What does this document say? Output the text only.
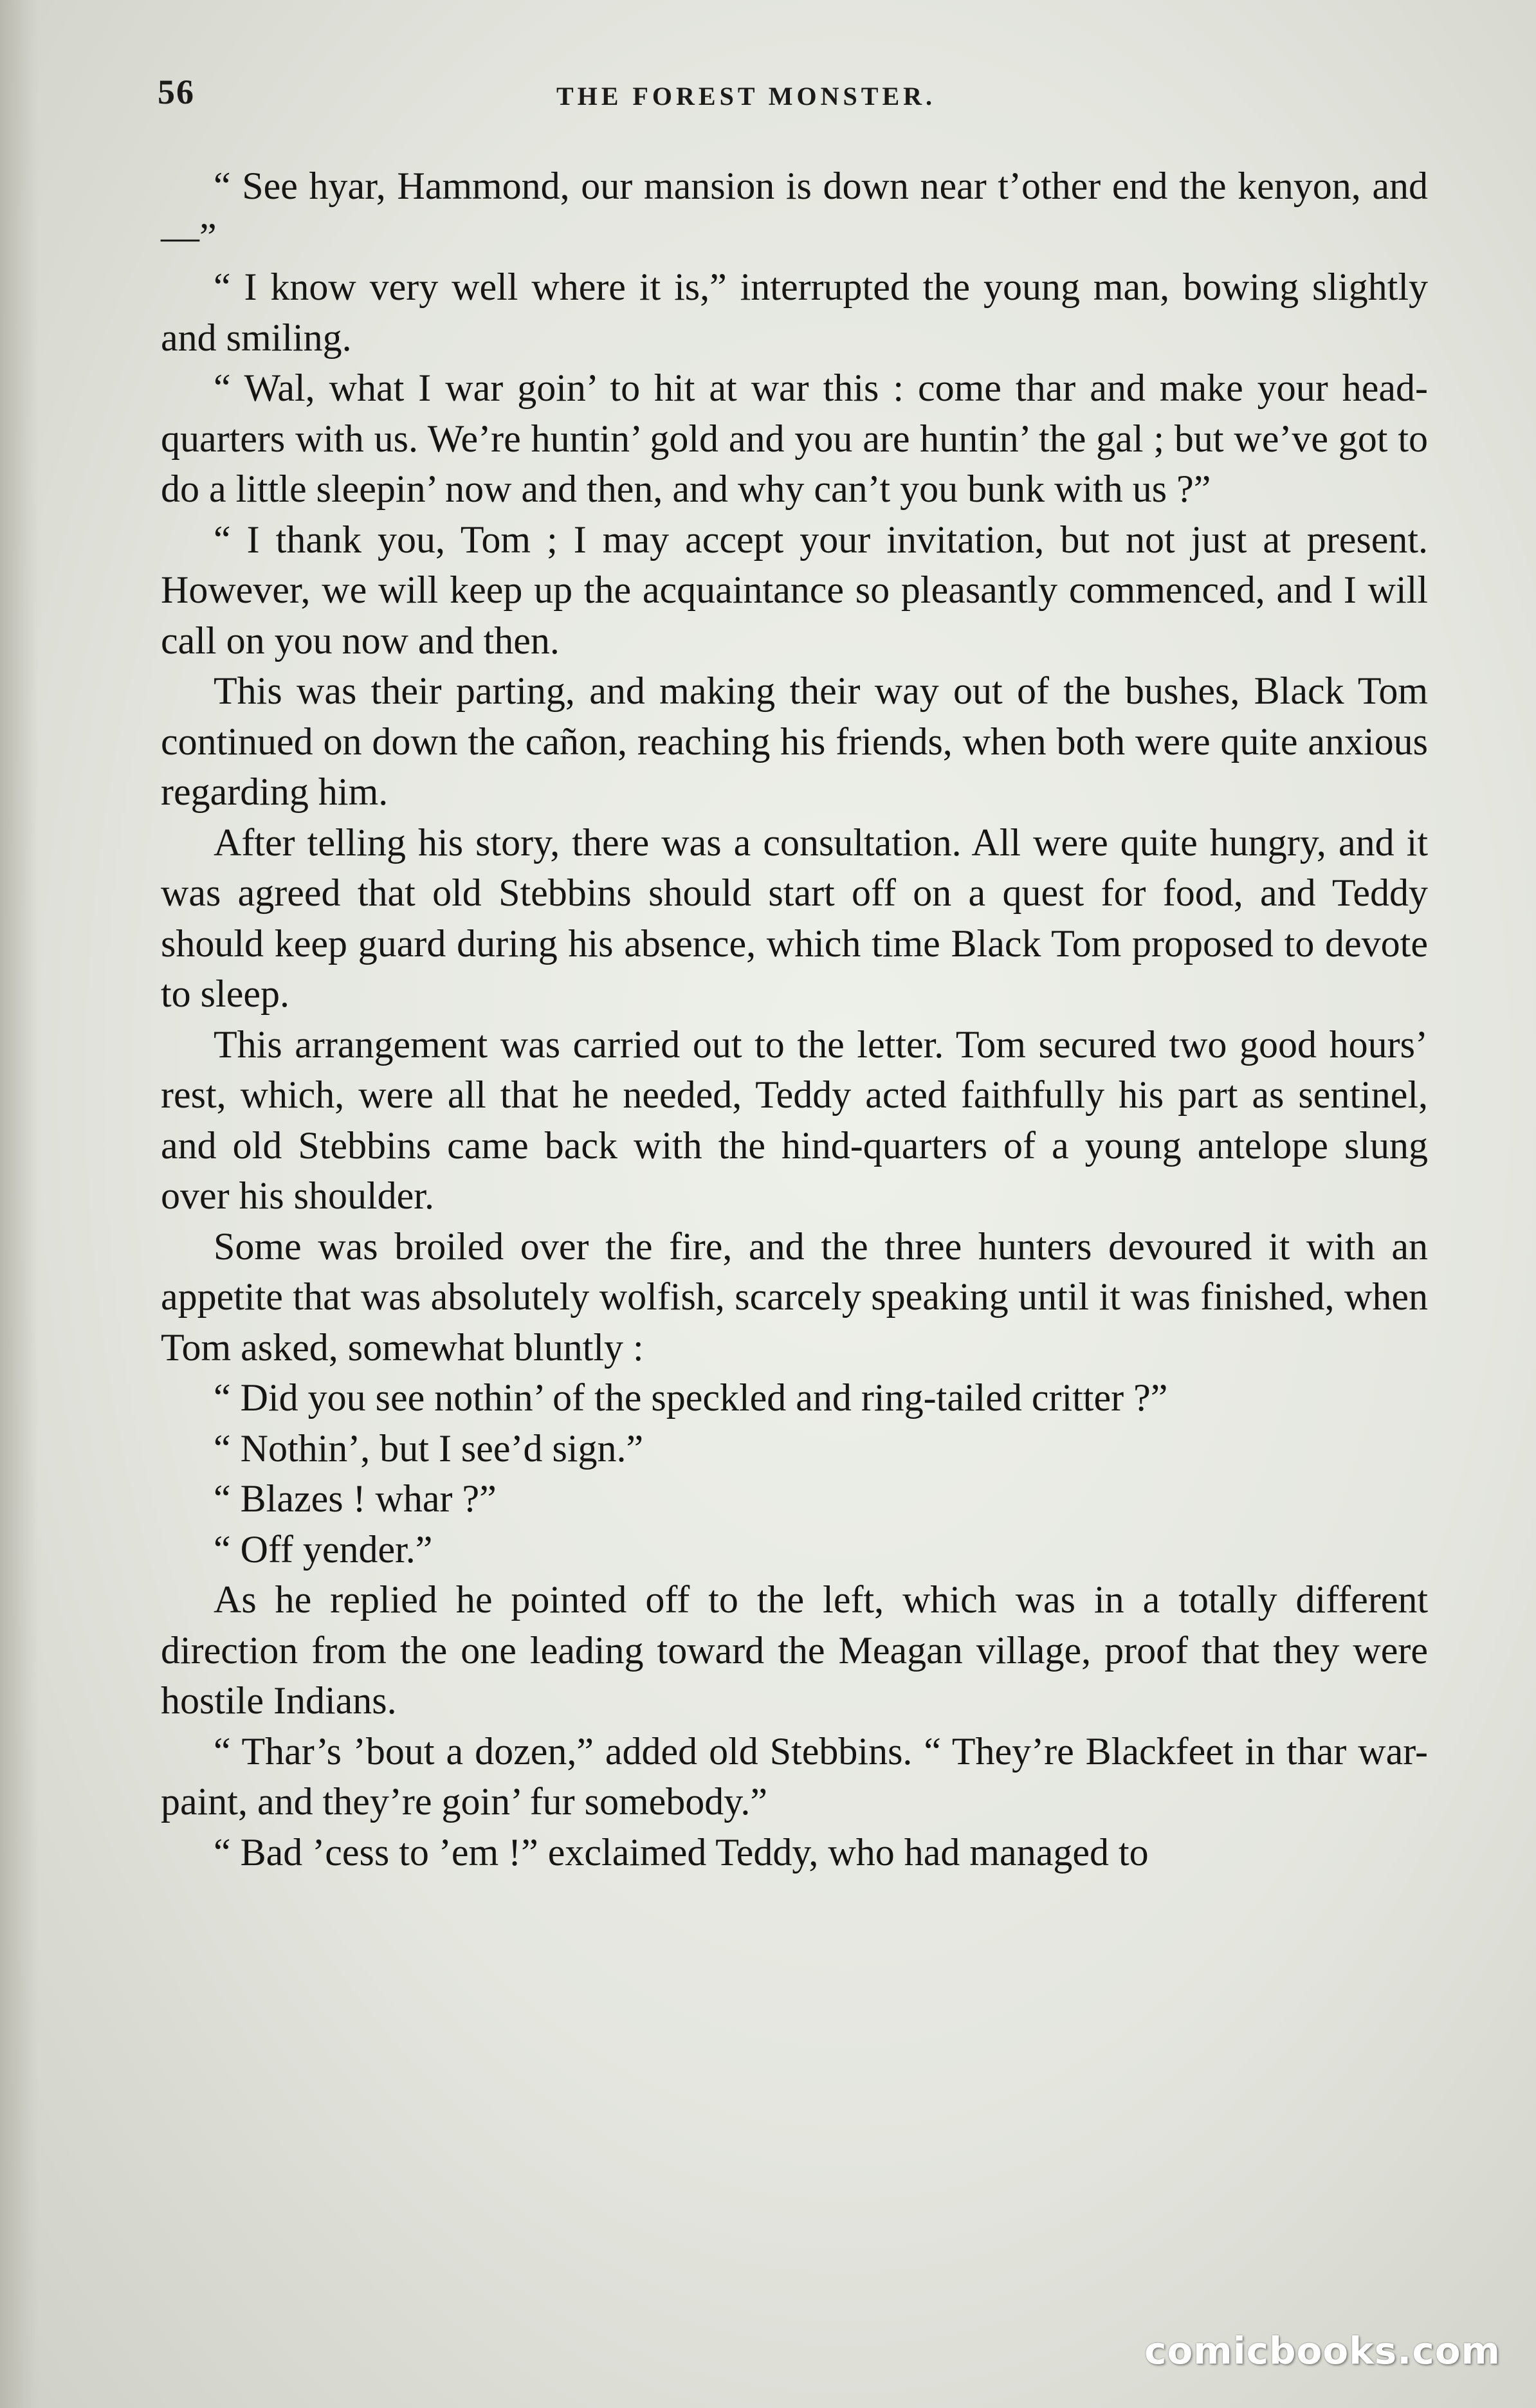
56	THE FOREST MONSTER.

“ See hyar, Hammond, our mansion is down near t’other end the kenyon, and—”

“ I know very well where it is,” interrupted the young man, bowing slightly and smiling.

“ Wal, what I war goin’ to hit at war this : come thar and make your head-quarters with us. We’re huntin’ gold and you are huntin’ the gal ; but we’ve got to do a little sleepin’ now and then, and why can’t you bunk with us ?”

“ I thank you, Tom ; I may accept your invitation, but not just at present. However, we will keep up the acquaintance so pleasantly commenced, and I will call on you now and then.

This was their parting, and making their way out of the bushes, Black Tom continued on down the cañon, reaching his friends, when both were quite anxious regarding him.

After telling his story, there was a consultation. All were quite hungry, and it was agreed that old Stebbins should start off on a quest for food, and Teddy should keep guard during his absence, which time Black Tom proposed to devote to sleep.

This arrangement was carried out to the letter. Tom secured two good hours’ rest, which, were all that he needed, Teddy acted faithfully his part as sentinel, and old Stebbins came back with the hind-quarters of a young antelope slung over his shoulder.

Some was broiled over the fire, and the three hunters devoured it with an appetite that was absolutely wolfish, scarcely speaking until it was finished, when Tom asked, somewhat bluntly :

“ Did you see nothin’ of the speckled and ring-tailed critter ?”

“ Nothin’, but I see’d sign.”

“ Blazes ! whar ?”

“ Off yender.”

As he replied he pointed off to the left, which was in a totally different direction from the one leading toward the Meagan village, proof that they were hostile Indians.

“ Thar’s ’bout a dozen,” added old Stebbins. “ They’re Blackfeet in thar war-paint, and they’re goin’ fur somebody.”

“ Bad ’cess to ’em !” exclaimed Teddy, who had managed to

comicbooks.com
